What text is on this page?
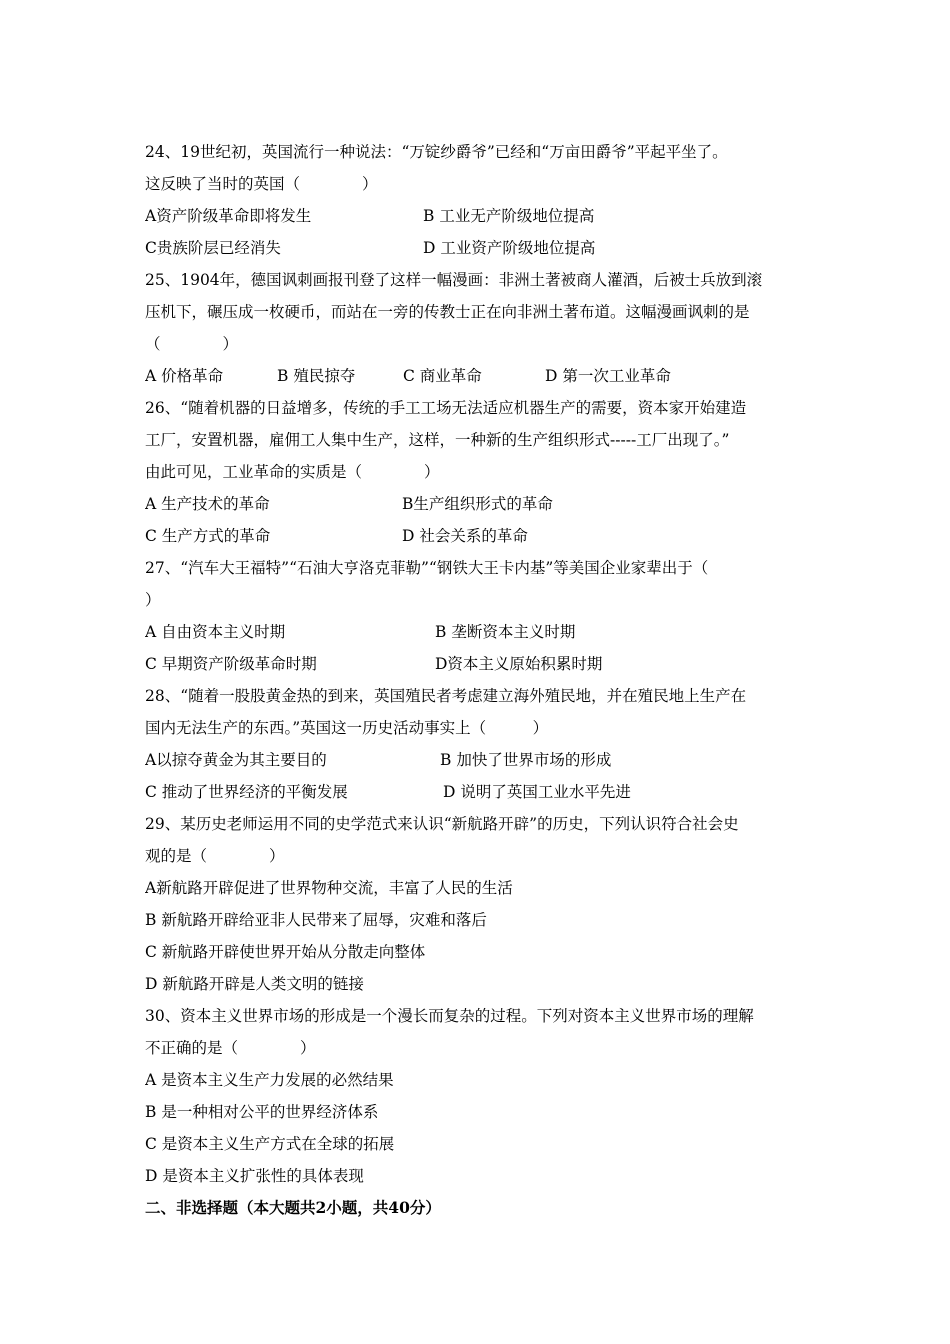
24、19世纪初，英国流行一种说法：“万锭纱爵爷”已经和“万亩田爵爷”平起平坐了。
这反映了当时的英国（　　　　）
A资产阶级革命即将发生	B 工业无产阶级地位提高
C贵族阶层已经消失	D 工业资产阶级地位提高
25、1904年，德国讽刺画报刊登了这样一幅漫画：非洲土著被商人灌酒，后被士兵放到滚
压机下，碾压成一枚硬币，而站在一旁的传教士正在向非洲土著布道。这幅漫画讽刺的是
（　　　　）
A 价格革命	B 殖民掠夺	C 商业革命	D 第一次工业革命
26、“随着机器的日益增多，传统的手工工场无法适应机器生产的需要，资本家开始建造
工厂，安置机器，雇佣工人集中生产，这样，一种新的生产组织形式-----工厂出现了。”
由此可见，工业革命的实质是（　　　　）
A 生产技术的革命	B生产组织形式的革命
C 生产方式的革命	D 社会关系的革命
27、“汽车大王福特”“石油大亨洛克菲勒”“钢铁大王卡内基”等美国企业家辈出于（
）
A 自由资本主义时期	B 垄断资本主义时期
C 早期资产阶级革命时期	D资本主义原始积累时期
28、“随着一股股黄金热的到来，英国殖民者考虑建立海外殖民地，并在殖民地上生产在
国内无法生产的东西。”英国这一历史活动事实上（　　　）
A以掠夺黄金为其主要目的	B 加快了世界市场的形成
C 推动了世界经济的平衡发展	D 说明了英国工业水平先进
29、某历史老师运用不同的史学范式来认识“新航路开辟”的历史，下列认识符合社会史
观的是（　　　　）
A新航路开辟促进了世界物种交流，丰富了人民的生活
B 新航路开辟给亚非人民带来了屈辱，灾难和落后
C 新航路开辟使世界开始从分散走向整体
D 新航路开辟是人类文明的链接
30、资本主义世界市场的形成是一个漫长而复杂的过程。下列对资本主义世界市场的理解
不正确的是（　　　　）
A 是资本主义生产力发展的必然结果
B 是一种相对公平的世界经济体系
C 是资本主义生产方式在全球的拓展
D 是资本主义扩张性的具体表现
二、非选择题（本大题共2小题，共40分）
